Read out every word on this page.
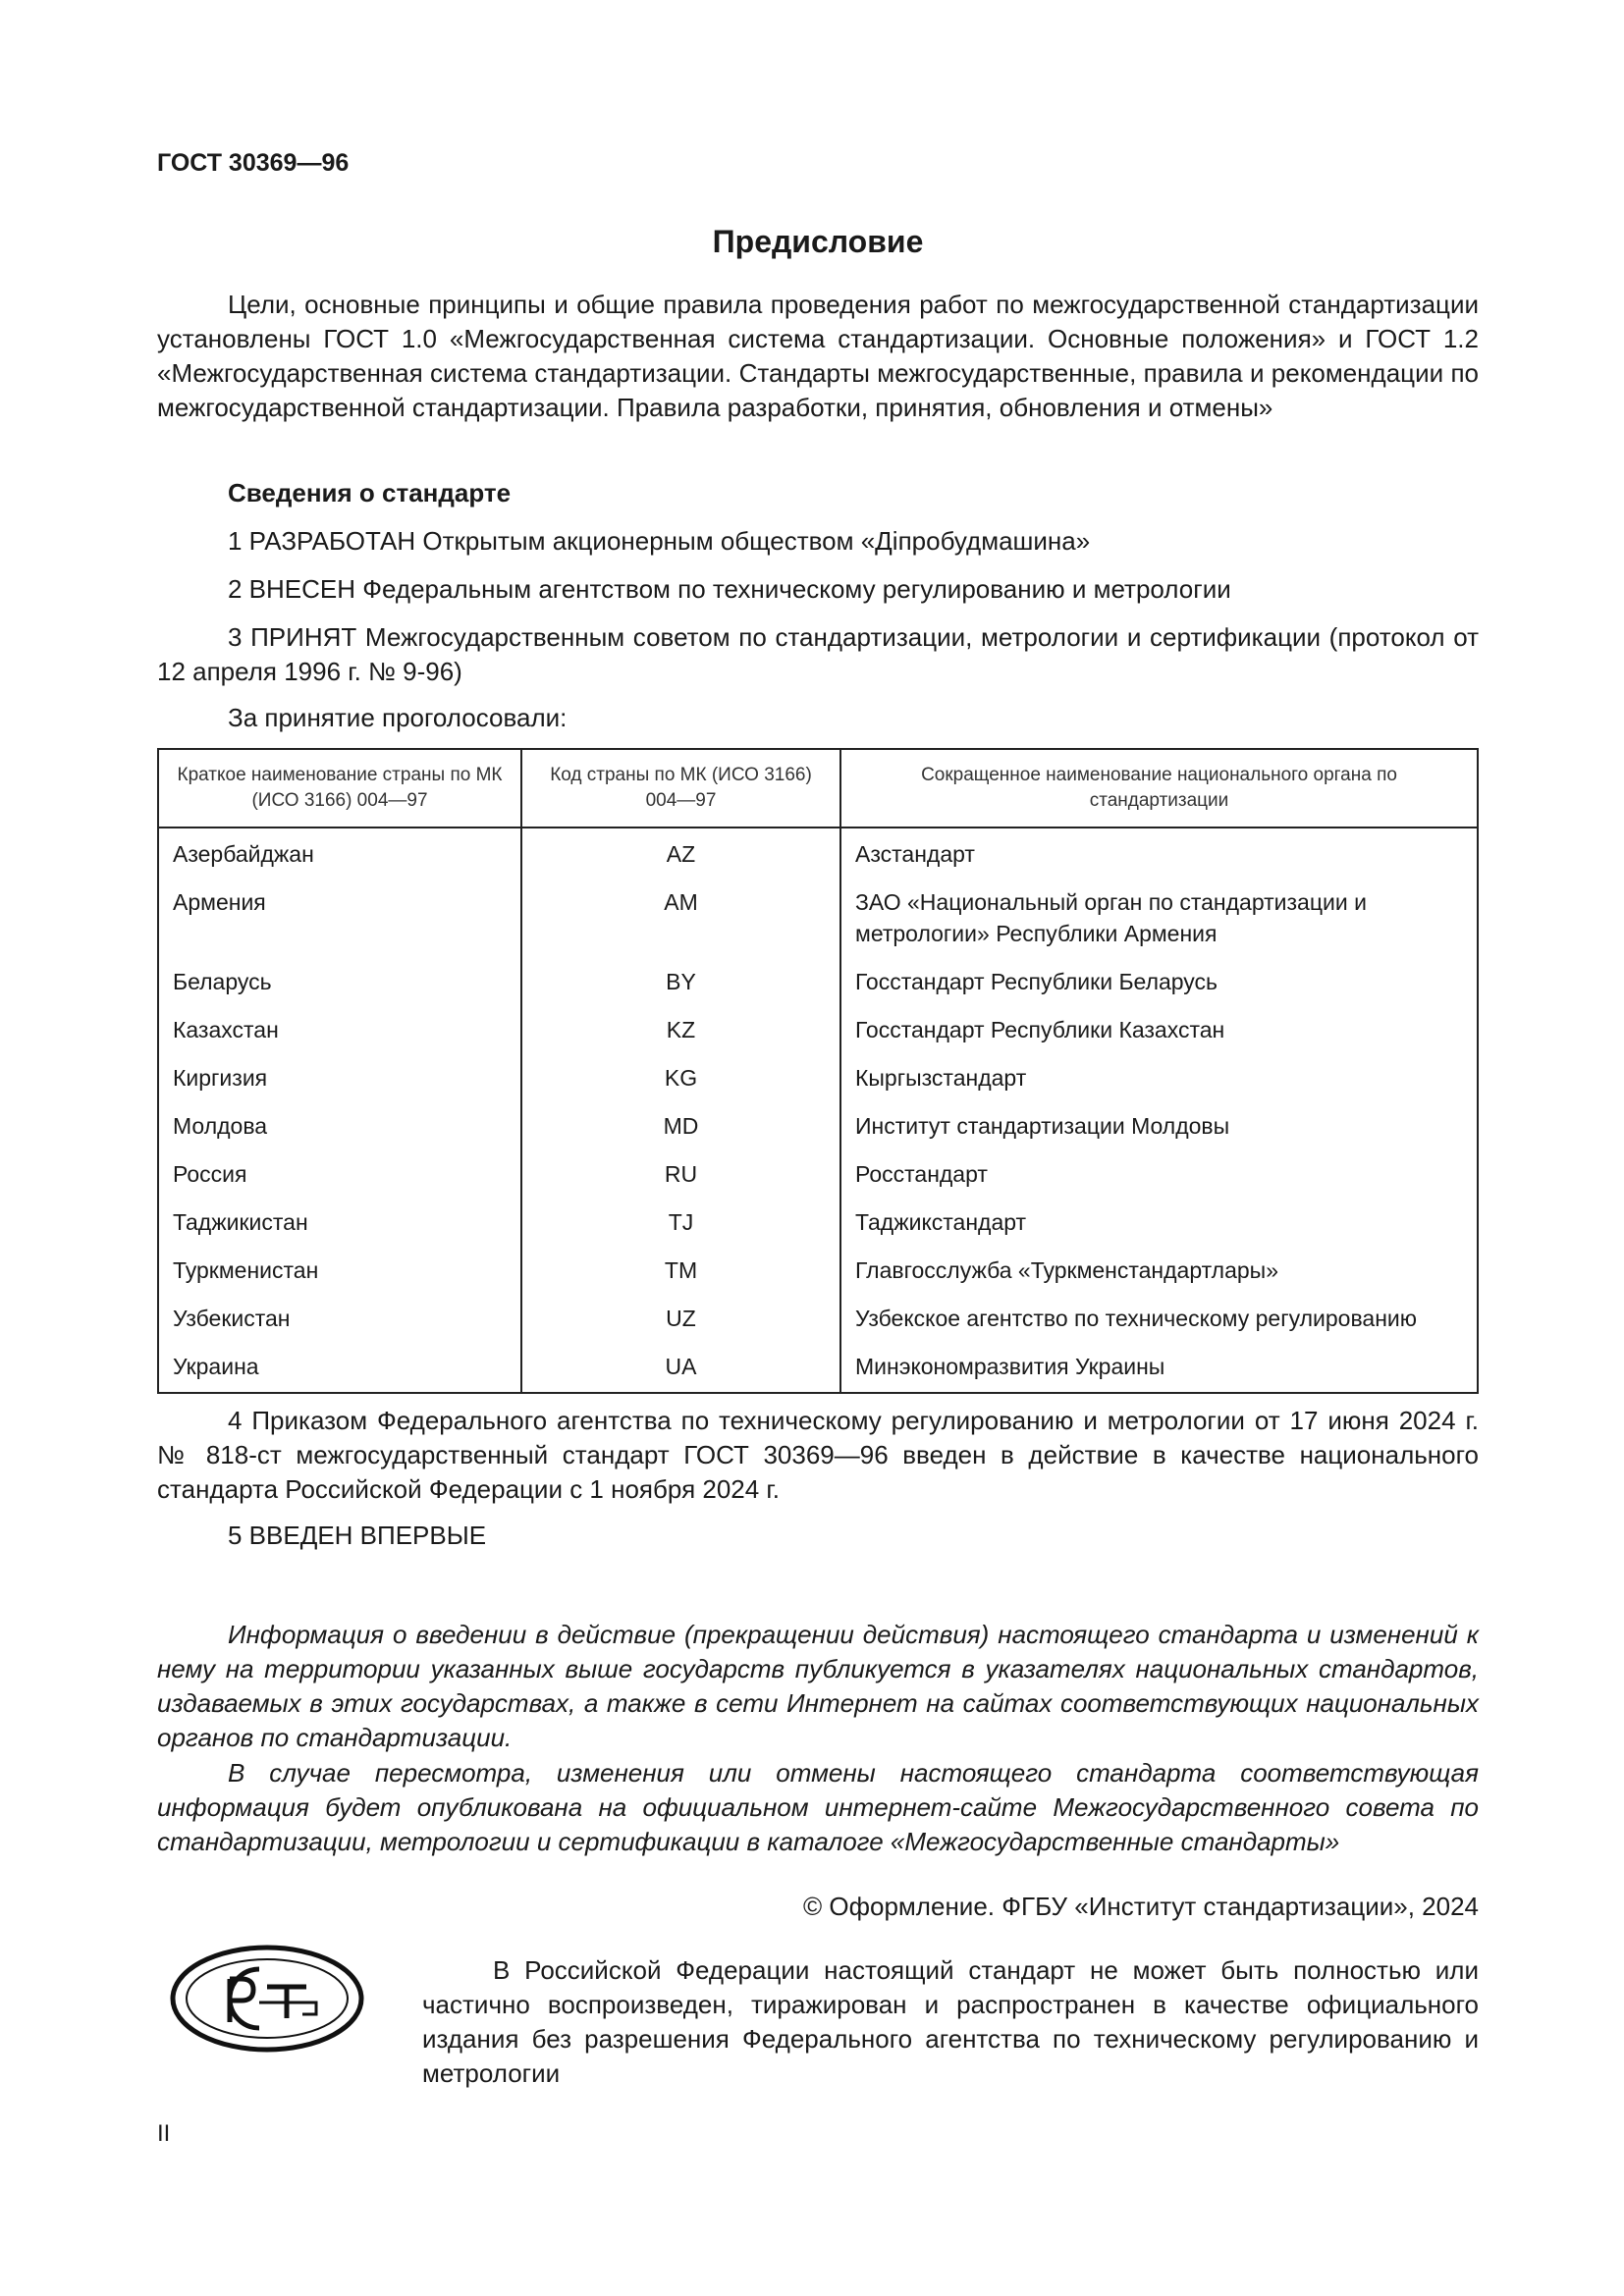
ГОСТ 30369—96
Предисловие

Цели, основные принципы и общие правила проведения работ по межгосударственной стандартизации установлены ГОСТ 1.0 «Межгосударственная система стандартизации. Основные положения» и ГОСТ 1.2 «Межгосударственная система стандартизации. Стандарты межгосударственные, правила и рекомендации по межгосударственной стандартизации. Правила разработки, принятия, обновления и отмены»

Сведения о стандарте
1 РАЗРАБОТАН Открытым акционерным обществом «Дiпробудмашина»
2 ВНЕСЕН Федеральным агентством по техническому регулированию и метрологии

3 ПРИНЯТ Межгосударственным советом по стандартизации, метрологии и сертификации (протокол от 12 апреля 1996 г. № 9-96)

За принятие проголосовали:
Краткое наименование страны по МК (ИСО 3166) 004—97	Код страны по МК (ИСО 3166) 004—97	Сокращенное наименование национального органа по стандартизации
Азербайджан	AZ	Азстандарт
Армения	AM	ЗАО «Национальный орган по стандартизации и метрологии» Республики Армения
Беларусь	BY	Госстандарт Республики Беларусь
Казахстан	KZ	Госстандарт Республики Казахстан
Киргизия	KG	Кыргызстандарт
Молдова	MD	Институт стандартизации Молдовы
Россия	RU	Росстандарт
Таджикистан	TJ	Таджикстандарт
Туркменистан	TM	Главгосслужба «Туркменстандартлары»
Узбекистан	UZ	Узбекское агентство по техническому регулированию
Украина	UA	Минэкономразвития Украины

4 Приказом Федерального агентства по техническому регулированию и метрологии от 17 июня 2024 г. № 818-ст межгосударственный стандарт ГОСТ 30369—96 введен в действие в качестве национального стандарта Российской Федерации с 1 ноября 2024 г.

5 ВВЕДЕН ВПЕРВЫЕ

Информация о введении в действие (прекращении действия) настоящего стандарта и изменений к нему на территории указанных выше государств публикуется в указателях национальных стандартов, издаваемых в этих государствах, а также в сети Интернет на сайтах соответствующих национальных органов по стандартизации.

В случае пересмотра, изменения или отмены настоящего стандарта соответствующая информация будет опубликована на официальном интернет-сайте Межгосударственного совета по стандартизации, метрологии и сертификации в каталоге «Межгосударственные стандарты»

© Оформление. ФГБУ «Институт стандартизации», 2024

В Российской Федерации настоящий стандарт не может быть полностью или частично воспроизведен, тиражирован и распространен в качестве официального издания без разрешения Федерального агентства по техническому регулированию и метрологии

II
